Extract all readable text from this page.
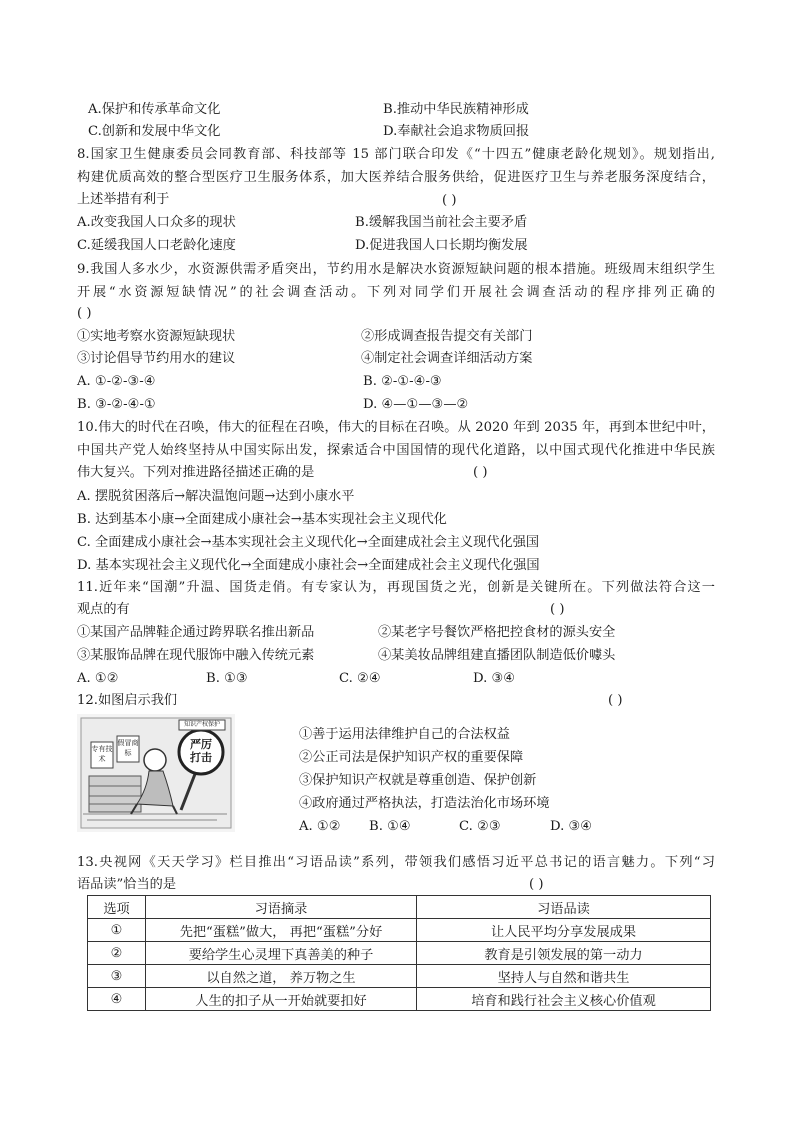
A.保护和传承革命文化	B.推动中华民族精神形成
C.创新和发展中华文化	D.奉献社会追求物质回报
8.国家卫生健康委员会同教育部、科技部等 15 部门联合印发《“十四五”健康老龄化规划》。规划指出,
构建优质高效的整合型医疗卫生服务体系，加大医养结合服务供给，促进医疗卫生与养老服务深度结合，
上述举措有利于	( )
A.改变我国人口众多的现状	B.缓解我国当前社会主要矛盾
C.延缓我国人口老龄化速度	D.促进我国人口长期均衡发展
9.我国人多水少，水资源供需矛盾突出，节约用水是解决水资源短缺问题的根本措施。班级周末组织学生
开展“水资源短缺情况”的社会调查活动。下列对同学们开展社会调查活动的程序排列正确的
( )
①实地考察水资源短缺现状	②形成调查报告提交有关部门
③讨论倡导节约用水的建议	④制定社会调查详细活动方案
A. ①-②-③-④	B. ②-①-④-③
B. ③-②-④-①	D. ④—①—③—②
10.伟大的时代在召唤，伟大的征程在召唤，伟大的目标在召唤。从 2020 年到 2035 年，再到本世纪中叶，
中国共产党人始终坚持从中国实际出发，探索适合中国国情的现代化道路，以中国式现代化推进中华民族
伟大复兴。下列对推进路径描述正确的是	( )
A. 摆脱贫困落后→解决温饱问题→达到小康水平
B. 达到基本小康→全面建成小康社会→基本实现社会主义现代化
C. 全面建成小康社会→基本实现社会主义现代化→全面建成社会主义现代化强国
D. 基本实现社会主义现代化→全面建成小康社会→全面建成社会主义现代化强国
11.近年来“国潮”升温、国货走俏。有专家认为，再现国货之光，创新是关键所在。下列做法符合这一
观点的有	( )
①某国产品牌鞋企通过跨界联名推出新品	②某老字号餐饮严格把控食材的源头安全
③某服饰品牌在现代服饰中融入传统元素	④某美妆品牌组建直播团队制造低价噱头
A. ①②	B. ①③	C. ②④	D. ③④
12.如图启示我们	( )
知识产权保护
专有技术
假冒商标
严厉打击
①善于运用法律维护自己的合法权益
②公正司法是保护知识产权的重要保障
③保护知识产权就是尊重创造、保护创新
④政府通过严格执法，打造法治化市场环境
A. ①② B. ①④	C. ②③	D. ③④
13.央视网《天天学习》栏目推出“习语品读”系列，带领我们感悟习近平总书记的语言魅力。下列“习
语品读”恰当的是	( )
选项	习语摘录	习语品读
①	先把“蛋糕”做大， 再把“蛋糕”分好	让人民平均分享发展成果
②	要给学生心灵埋下真善美的种子	教育是引领发展的第一动力
③	以自然之道， 养万物之生	坚持人与自然和谐共生
④	人生的扣子从一开始就要扣好	培育和践行社会主义核心价值观
